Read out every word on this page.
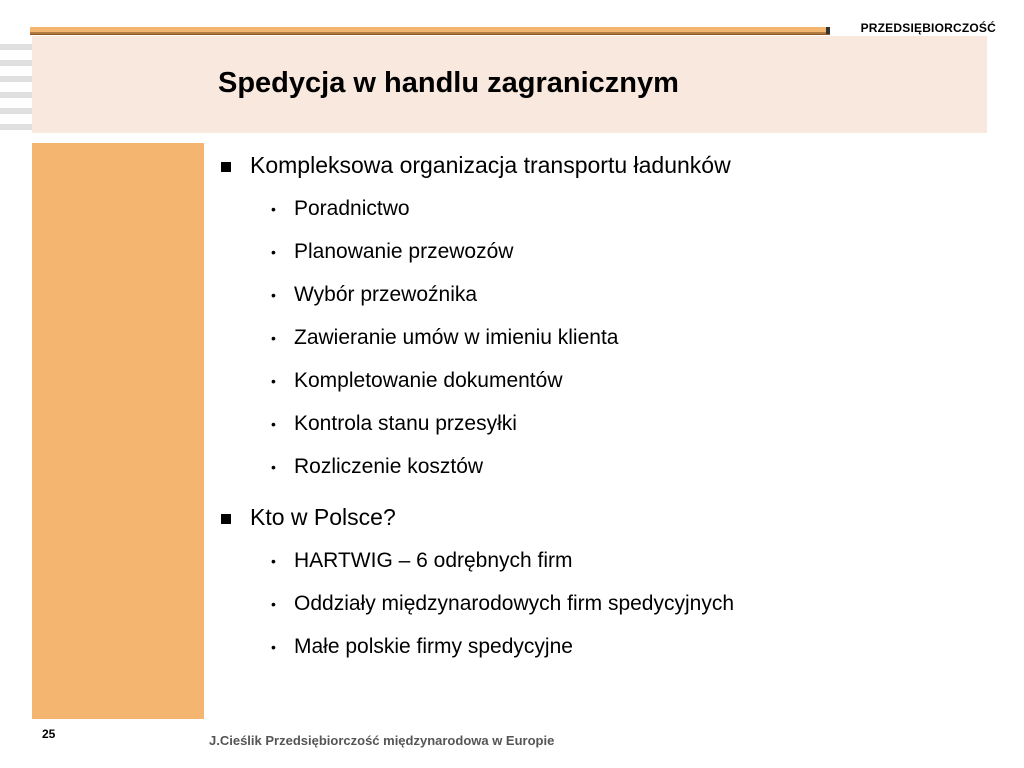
PRZEDSIĘBIORCZOŚĆ
Spedycja w handlu zagranicznym
Kompleksowa organizacja transportu ładunków
• Poradnictwo
• Planowanie przewozów
• Wybór przewoźnika
• Zawieranie umów w imieniu klienta
• Kompletowanie dokumentów
• Kontrola stanu przesyłki
• Rozliczenie kosztów
Kto w Polsce?
• HARTWIG – 6 odrębnych firm
• Oddziały międzynarodowych firm spedycyjnych
• Małe polskie firmy spedycyjne
25	J.Cieślik Przedsiębiorczość międzynarodowa w Europie
